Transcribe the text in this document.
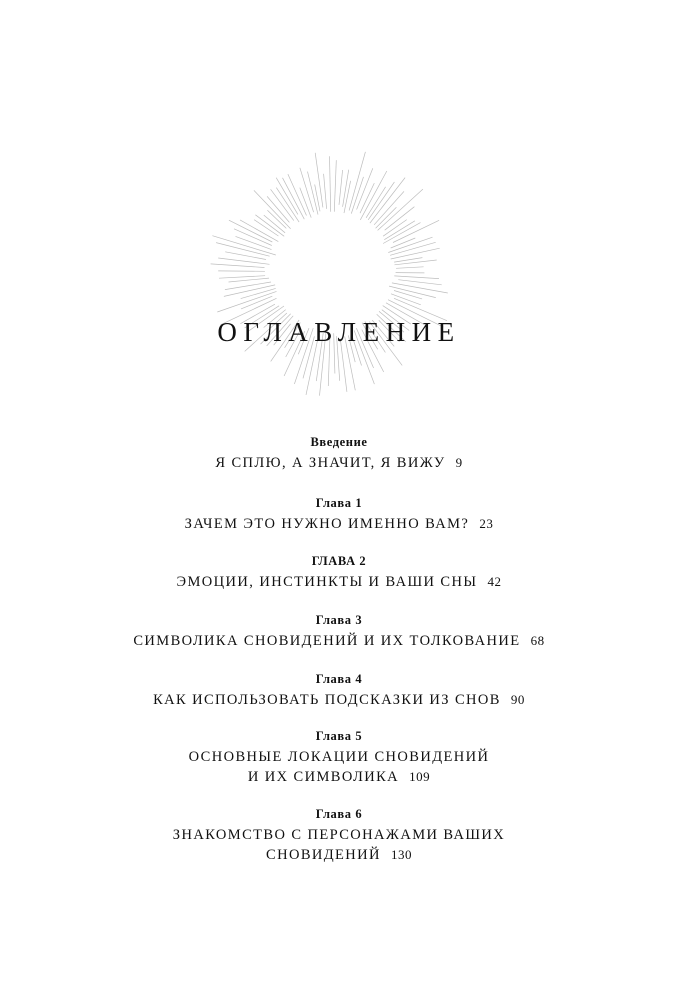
ОГЛАВЛЕНИЕ
Введение
Я СПЛЮ, А ЗНАЧИТ, Я ВИЖУ 9
Глава 1
ЗАЧЕМ ЭТО НУЖНО ИМЕННО ВАМ? 23
ГЛАВА 2
ЭМОЦИИ, ИНСТИНКТЫ И ВАШИ СНЫ 42
Глава 3
СИМВОЛИКА СНОВИДЕНИЙ И ИХ ТОЛКОВАНИЕ 68
Глава 4
КАК ИСПОЛЬЗОВАТЬ ПОДСКАЗКИ ИЗ СНОВ 90
Глава 5
ОСНОВНЫЕ ЛОКАЦИИ СНОВИДЕНИЙ
И ИХ СИМВОЛИКА 109
Глава 6
ЗНАКОМСТВО С ПЕРСОНАЖАМИ ВАШИХ
СНОВИДЕНИЙ 130
